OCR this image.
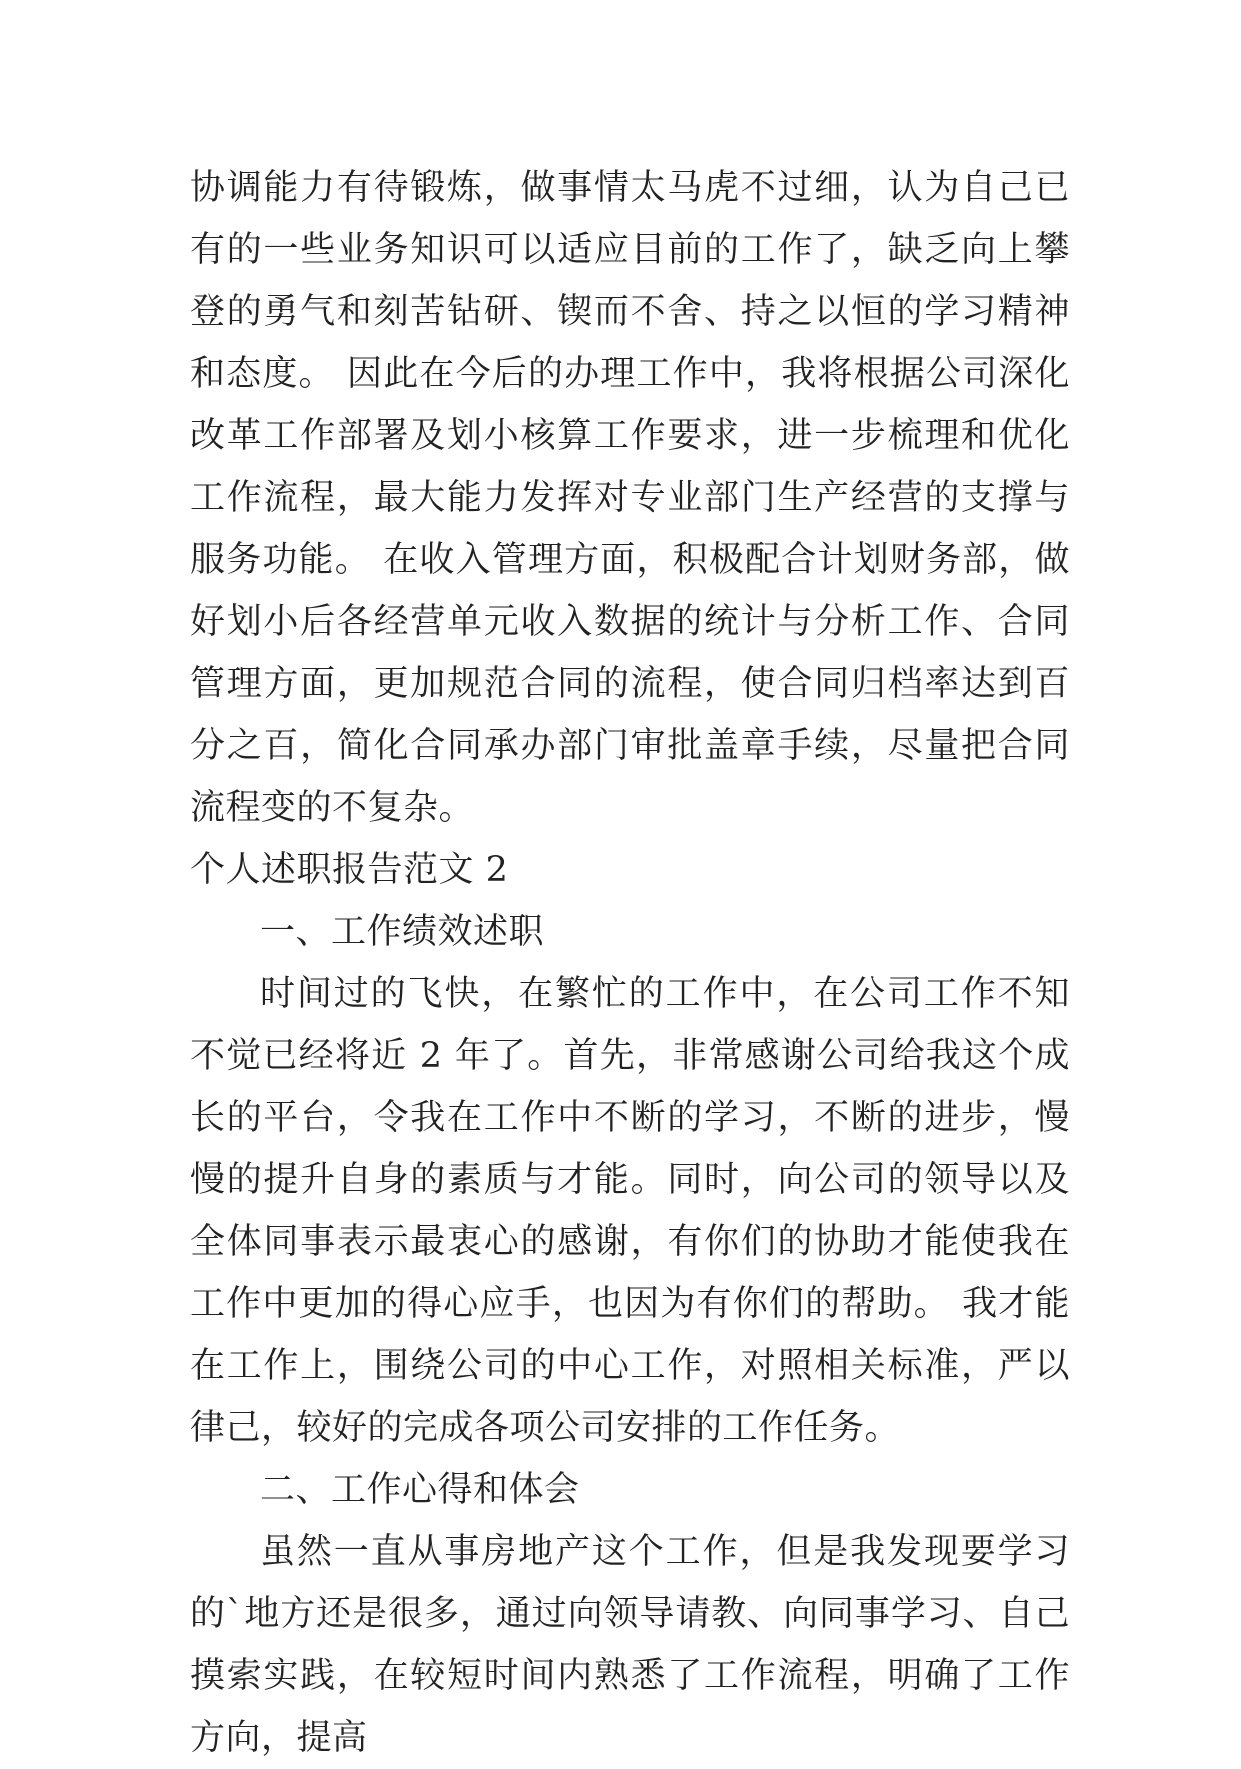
协调能力有待锻炼，做事情太马虎不过细，认为自己已有的一些业务知识可以适应目前的工作了，缺乏向上攀登的勇气和刻苦钻研、锲而不舍、持之以恒的学习精神和态度。 因此在今后的办理工作中，我将根据公司深化改革工作部署及划小核算工作要求，进一步梳理和优化工作流程，最大能力发挥对专业部门生产经营的支撑与服务功能。 在收入管理方面，积极配合计划财务部，做好划小后各经营单元收入数据的统计与分析工作、合同管理方面，更加规范合同的流程，使合同归档率达到百分之百，简化合同承办部门审批盖章手续，尽量把合同流程变的不复杂。

个人述职报告范文 2

一、工作绩效述职

时间过的飞快，在繁忙的工作中，在公司工作不知不觉已经将近 2 年了。首先，非常感谢公司给我这个成长的平台，令我在工作中不断的学习，不断的进步，慢慢的提升自身的素质与才能。同时，向公司的领导以及全体同事表示最衷心的感谢，有你们的协助才能使我在工作中更加的得心应手，也因为有你们的帮助。 我才能在工作上，围绕公司的中心工作，对照相关标准，严以律己，较好的完成各项公司安排的工作任务。

二、工作心得和体会

虽然一直从事房地产这个工作，但是我发现要学习的`地方还是很多，通过向领导请教、向同事学习、自己摸索实践，在较短时间内熟悉了工作流程，明确了工作方向，提高
